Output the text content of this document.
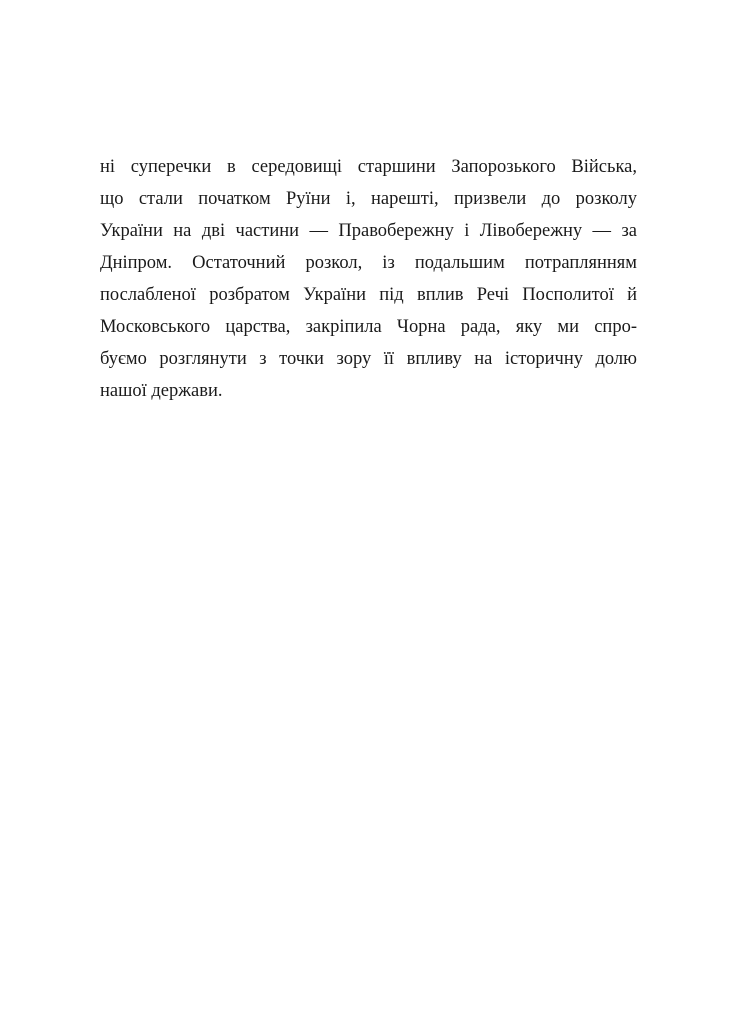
ні суперечки в середовищі старшини Запорозького Війська,
що стали початком Руїни і, нарешті, призвели до розколу
України на дві частини — Правобережну і Лівобережну — за
Дніпром. Остаточний розкол, із подальшим потраплянням
послабленої розбратом України під вплив Речі Посполитої й
Московського царства, закріпила Чорна рада, яку ми спро-
буємо розглянути з точки зору її впливу на історичну долю
нашої держави.
